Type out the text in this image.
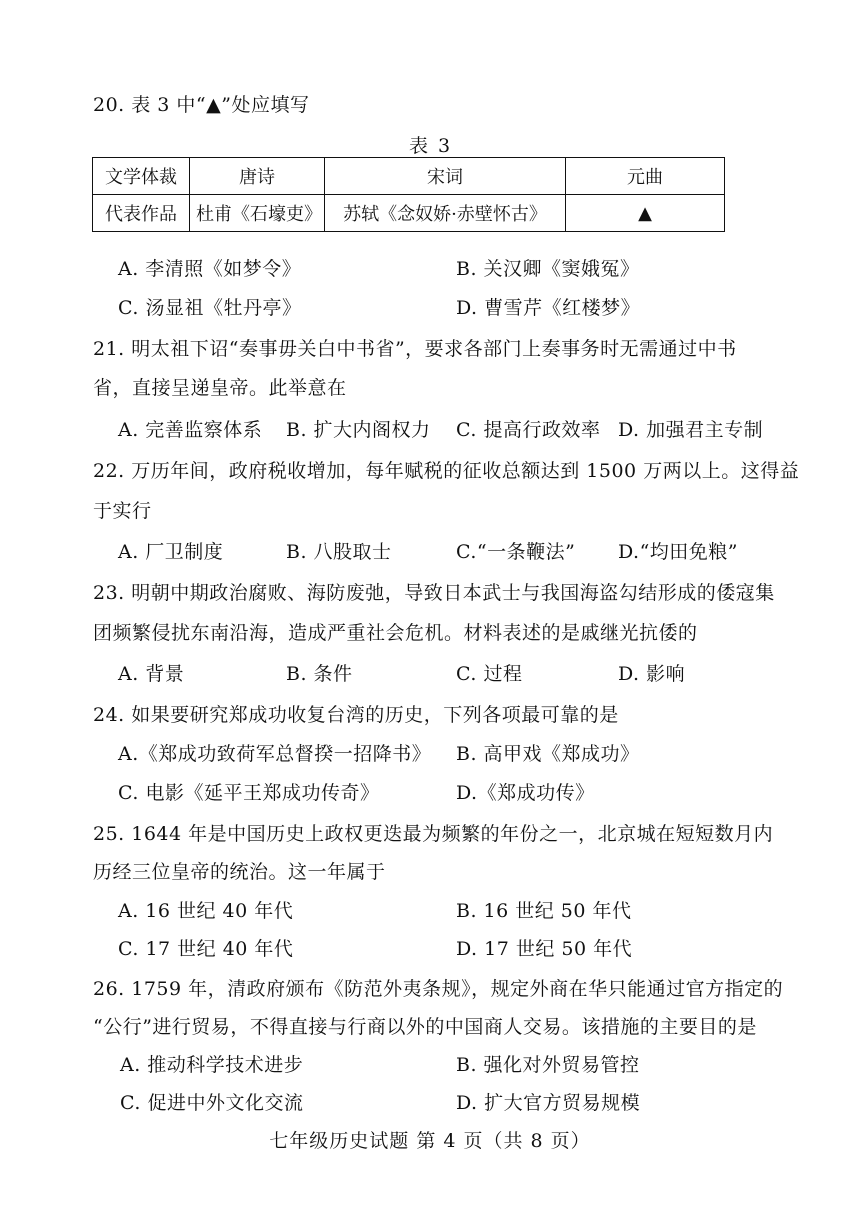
20. 表 3 中“▲”处应填写
表 3
文学体裁	唐诗	宋词	元曲
代表作品	杜甫《石壕吏》	苏轼《念奴娇·赤壁怀古》	▲
A. 李清照《如梦令》	B. 关汉卿《窦娥冤》
C. 汤显祖《牡丹亭》	D. 曹雪芹《红楼梦》
21. 明太祖下诏“奏事毋关白中书省”，要求各部门上奏事务时无需通过中书
省，直接呈递皇帝。此举意在
A. 完善监察体系 B. 扩大内阁权力 C. 提高行政效率 D. 加强君主专制
22. 万历年间，政府税收增加，每年赋税的征收总额达到 1500 万两以上。这得益
于实行
A. 厂卫制度	B. 八股取士	C.“一条鞭法” D.“均田免粮”
23. 明朝中期政治腐败、海防废弛，导致日本武士与我国海盗勾结形成的倭寇集
团频繁侵扰东南沿海，造成严重社会危机。材料表述的是戚继光抗倭的
A. 背景	B. 条件	C. 过程	D. 影响
24. 如果要研究郑成功收复台湾的历史，下列各项最可靠的是
A.《郑成功致荷军总督揆一招降书》 B. 高甲戏《郑成功》
C. 电影《延平王郑成功传奇》	D.《郑成功传》
25. 1644 年是中国历史上政权更迭最为频繁的年份之一，北京城在短短数月内
历经三位皇帝的统治。这一年属于
A. 16 世纪 40 年代	B. 16 世纪 50 年代
C. 17 世纪 40 年代	D. 17 世纪 50 年代
26. 1759 年，清政府颁布《防范外夷条规》，规定外商在华只能通过官方指定的
“公行”进行贸易，不得直接与行商以外的中国商人交易。该措施的主要目的是
A. 推动科学技术进步	B. 强化对外贸易管控
C. 促进中外文化交流	D. 扩大官方贸易规模
七年级历史试题 第 4 页（共 8 页）
